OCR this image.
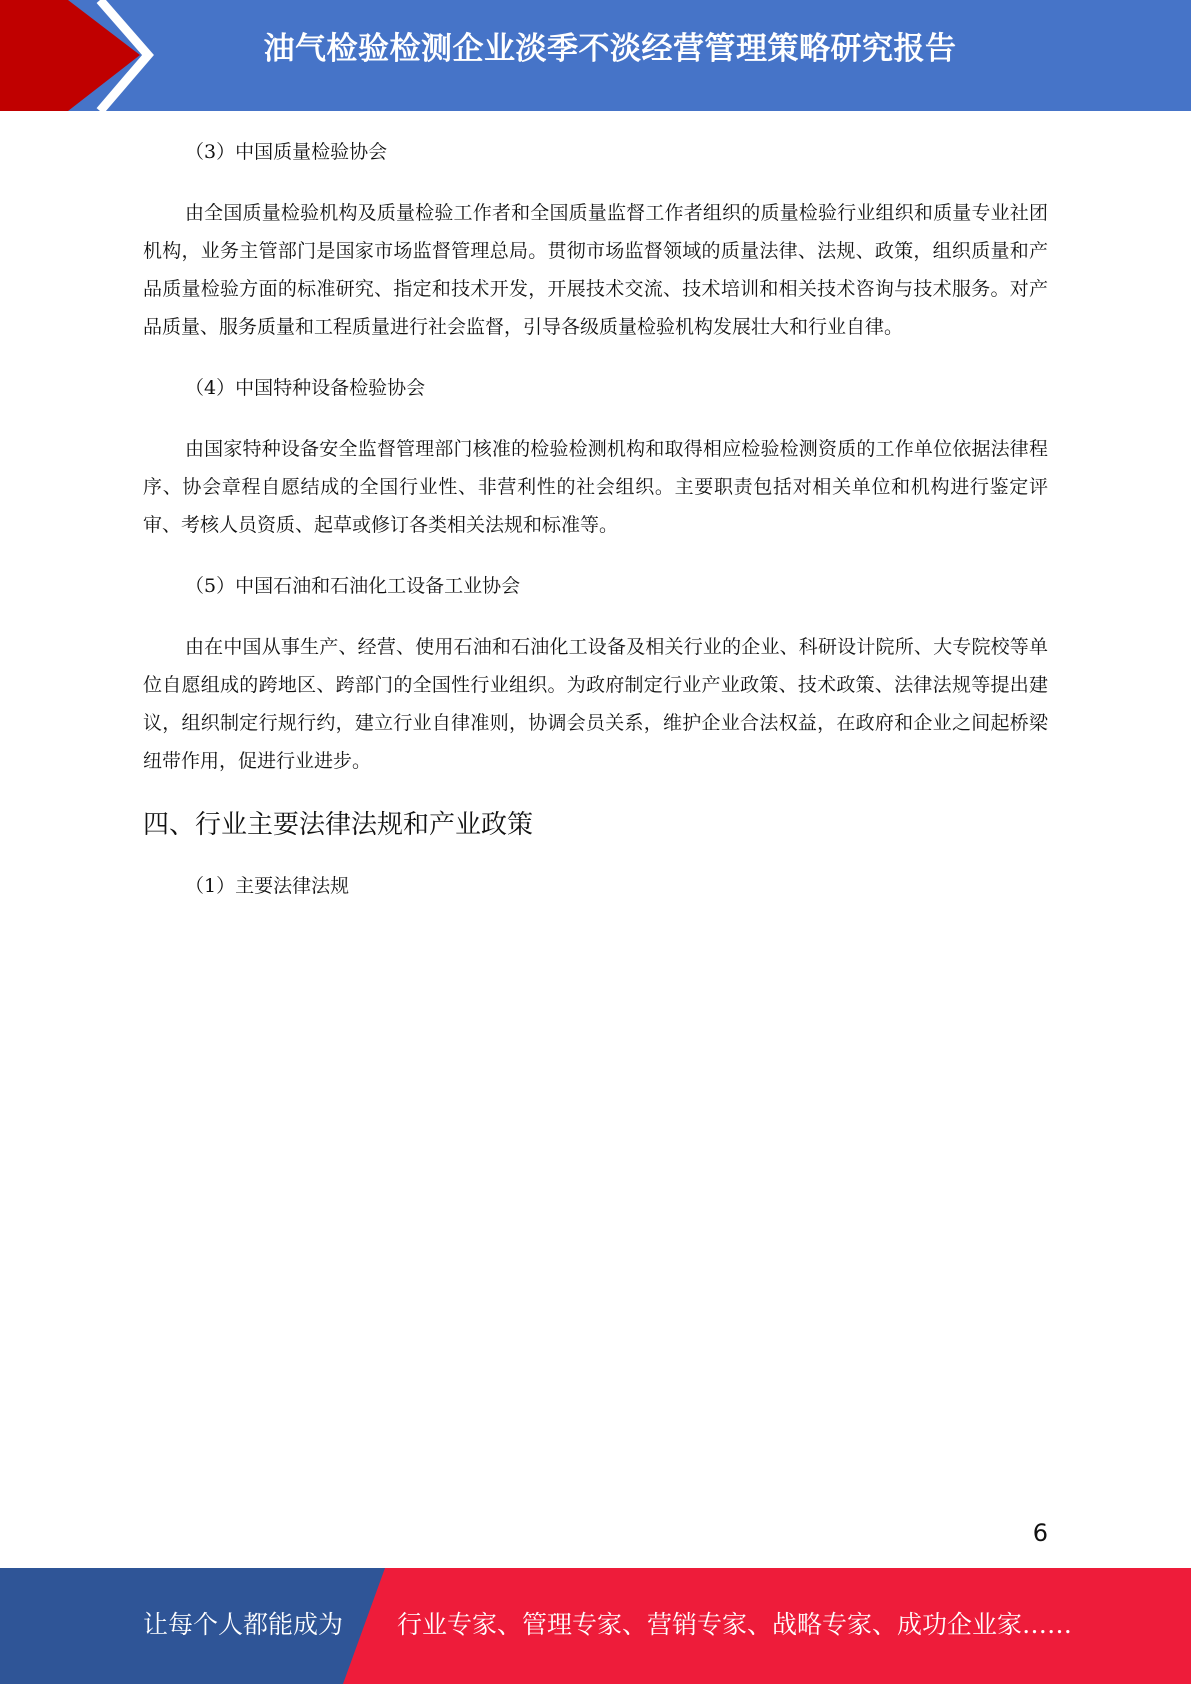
油气检验检测企业淡季不淡经营管理策略研究报告
（3）中国质量检验协会

由全国质量检验机构及质量检验工作者和全国质量监督工作者组织的质量检验行业组织和质量专业社团机构，业务主管部门是国家市场监督管理总局。贯彻市场监督领域的质量法律、法规、政策，组织质量和产品质量检验方面的标准研究、指定和技术开发，开展技术交流、技术培训和相关技术咨询与技术服务。对产品质量、服务质量和工程质量进行社会监督，引导各级质量检验机构发展壮大和行业自律。

（4）中国特种设备检验协会

由国家特种设备安全监督管理部门核准的检验检测机构和取得相应检验检测资质的工作单位依据法律程序、协会章程自愿结成的全国行业性、非营利性的社会组织。主要职责包括对相关单位和机构进行鉴定评审、考核人员资质、起草或修订各类相关法规和标准等。

（5）中国石油和石油化工设备工业协会

由在中国从事生产、经营、使用石油和石油化工设备及相关行业的企业、科研设计院所、大专院校等单位自愿组成的跨地区、跨部门的全国性行业组织。为政府制定行业产业政策、技术政策、法律法规等提出建议，组织制定行规行约，建立行业自律准则，协调会员关系，维护企业合法权益，在政府和企业之间起桥梁纽带作用，促进行业进步。

四、行业主要法律法规和产业政策
（1）主要法律法规
6
让每个人都能成为 行业专家、管理专家、营销专家、战略专家、成功企业家……
